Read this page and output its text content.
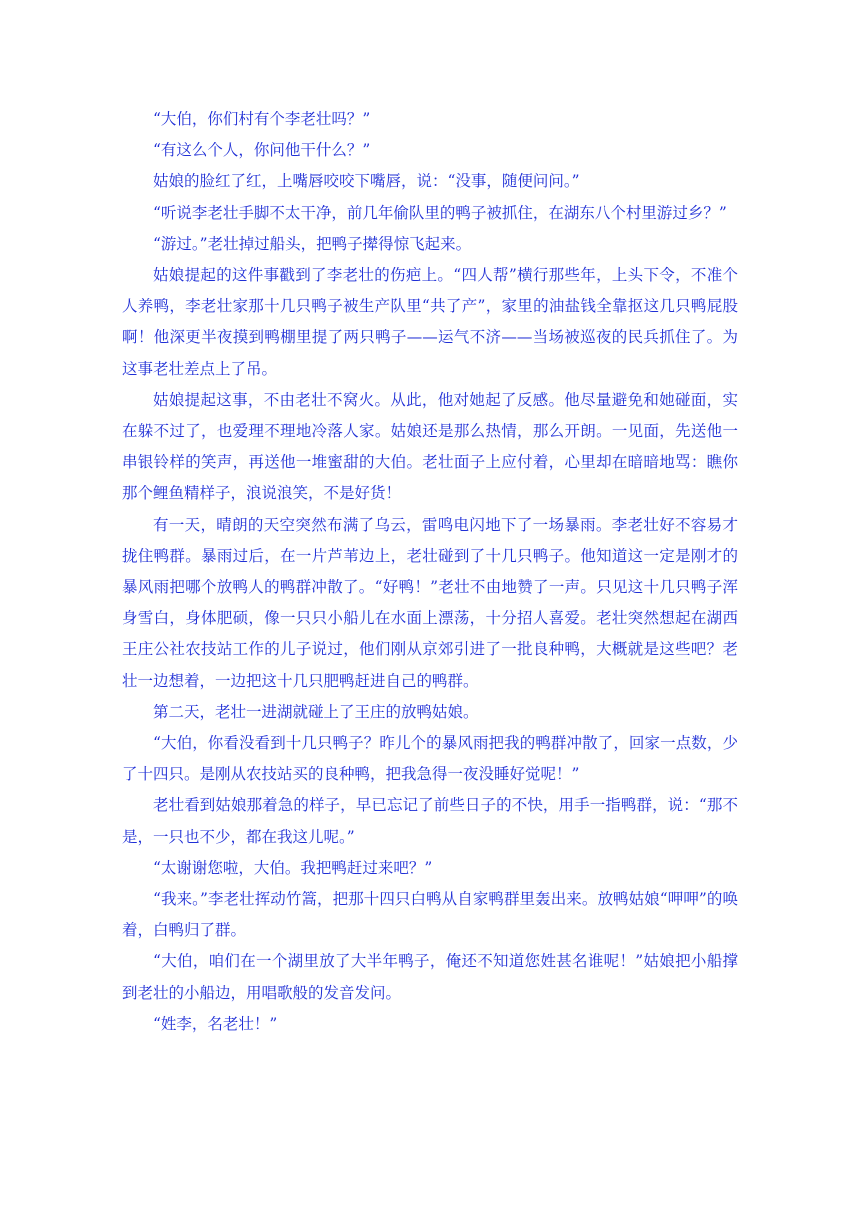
“大伯，你们村有个李老壮吗？”

“有这么个人，你问他干什么？”

姑娘的脸红了红，上嘴唇咬咬下嘴唇，说：“没事，随便问问。”

“听说李老壮手脚不太干净，前几年偷队里的鸭子被抓住，在湖东八个村里游过乡？”

“游过。”老壮掉过船头，把鸭子撵得惊飞起来。

姑娘提起的这件事戳到了李老壮的伤疤上。“四人帮”横行那些年，上头下令，不准个人养鸭，李老壮家那十几只鸭子被生产队里“共了产”，家里的油盐钱全靠抠这几只鸭屁股啊！他深更半夜摸到鸭棚里提了两只鸭子——运气不济——当场被巡夜的民兵抓住了。为这事老壮差点上了吊。

姑娘提起这事，不由老壮不窝火。从此，他对她起了反感。他尽量避免和她碰面，实在躲不过了，也爱理不理地冷落人家。姑娘还是那么热情，那么开朗。一见面，先送他一串银铃样的笑声，再送他一堆蜜甜的大伯。老壮面子上应付着，心里却在暗暗地骂：瞧你那个鲤鱼精样子，浪说浪笑，不是好货！

有一天，晴朗的天空突然布满了乌云，雷鸣电闪地下了一场暴雨。李老壮好不容易才拢住鸭群。暴雨过后，在一片芦苇边上，老壮碰到了十几只鸭子。他知道这一定是刚才的暴风雨把哪个放鸭人的鸭群冲散了。“好鸭！”老壮不由地赞了一声。只见这十几只鸭子浑身雪白，身体肥硕，像一只只小船儿在水面上漂荡，十分招人喜爱。老壮突然想起在湖西王庄公社农技站工作的儿子说过，他们刚从京郊引进了一批良种鸭，大概就是这些吧？老壮一边想着，一边把这十几只肥鸭赶进自己的鸭群。

第二天，老壮一进湖就碰上了王庄的放鸭姑娘。

“大伯，你看没看到十几只鸭子？昨儿个的暴风雨把我的鸭群冲散了，回家一点数，少了十四只。是刚从农技站买的良种鸭，把我急得一夜没睡好觉呢！”

老壮看到姑娘那着急的样子，早已忘记了前些日子的不快，用手一指鸭群，说：“那不是，一只也不少，都在我这儿呢。”

“太谢谢您啦，大伯。我把鸭赶过来吧？”

“我来。”李老壮挥动竹篙，把那十四只白鸭从自家鸭群里轰出来。放鸭姑娘“呷呷”的唤着，白鸭归了群。

“大伯，咱们在一个湖里放了大半年鸭子，俺还不知道您姓甚名谁呢！”姑娘把小船撑到老壮的小船边，用唱歌般的发音发问。

“姓李，名老壮！”
